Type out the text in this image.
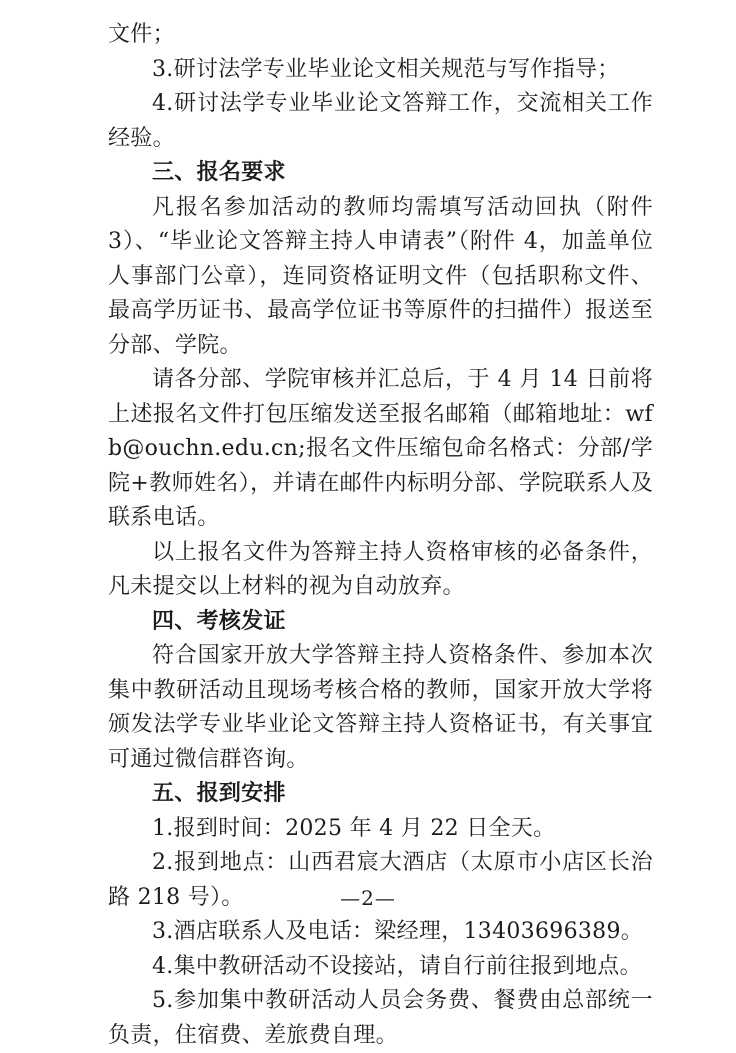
文件；

3.研讨法学专业毕业论文相关规范与写作指导；

4.研讨法学专业毕业论文答辩工作，交流相关工作经验。

三、报名要求

凡报名参加活动的教师均需填写活动回执（附件 3）、“毕业论文答辩主持人申请表”（附件 4，加盖单位人事部门公章），连同资格证明文件（包括职称文件、最高学历证书、最高学位证书等原件的扫描件）报送至分部、学院。

请各分部、学院审核并汇总后，于 4 月 14 日前将上述报名文件打包压缩发送至报名邮箱（邮箱地址：wfb@ouchn.edu.cn;报名文件压缩包命名格式：分部/学院+教师姓名），并请在邮件内标明分部、学院联系人及联系电话。

以上报名文件为答辩主持人资格审核的必备条件，凡未提交以上材料的视为自动放弃。

四、考核发证

符合国家开放大学答辩主持人资格条件、参加本次集中教研活动且现场考核合格的教师，国家开放大学将颁发法学专业毕业论文答辩主持人资格证书，有关事宜可通过微信群咨询。

五、报到安排

1.报到时间：2025 年 4 月 22 日全天。

2.报到地点：山西君宸大酒店（太原市小店区长治路 218 号）。

3.酒店联系人及电话：梁经理，13403696389。

4.集中教研活动不设接站，请自行前往报到地点。

5.参加集中教研活动人员会务费、餐费由总部统一负责，住宿费、差旅费自理。

—2—
